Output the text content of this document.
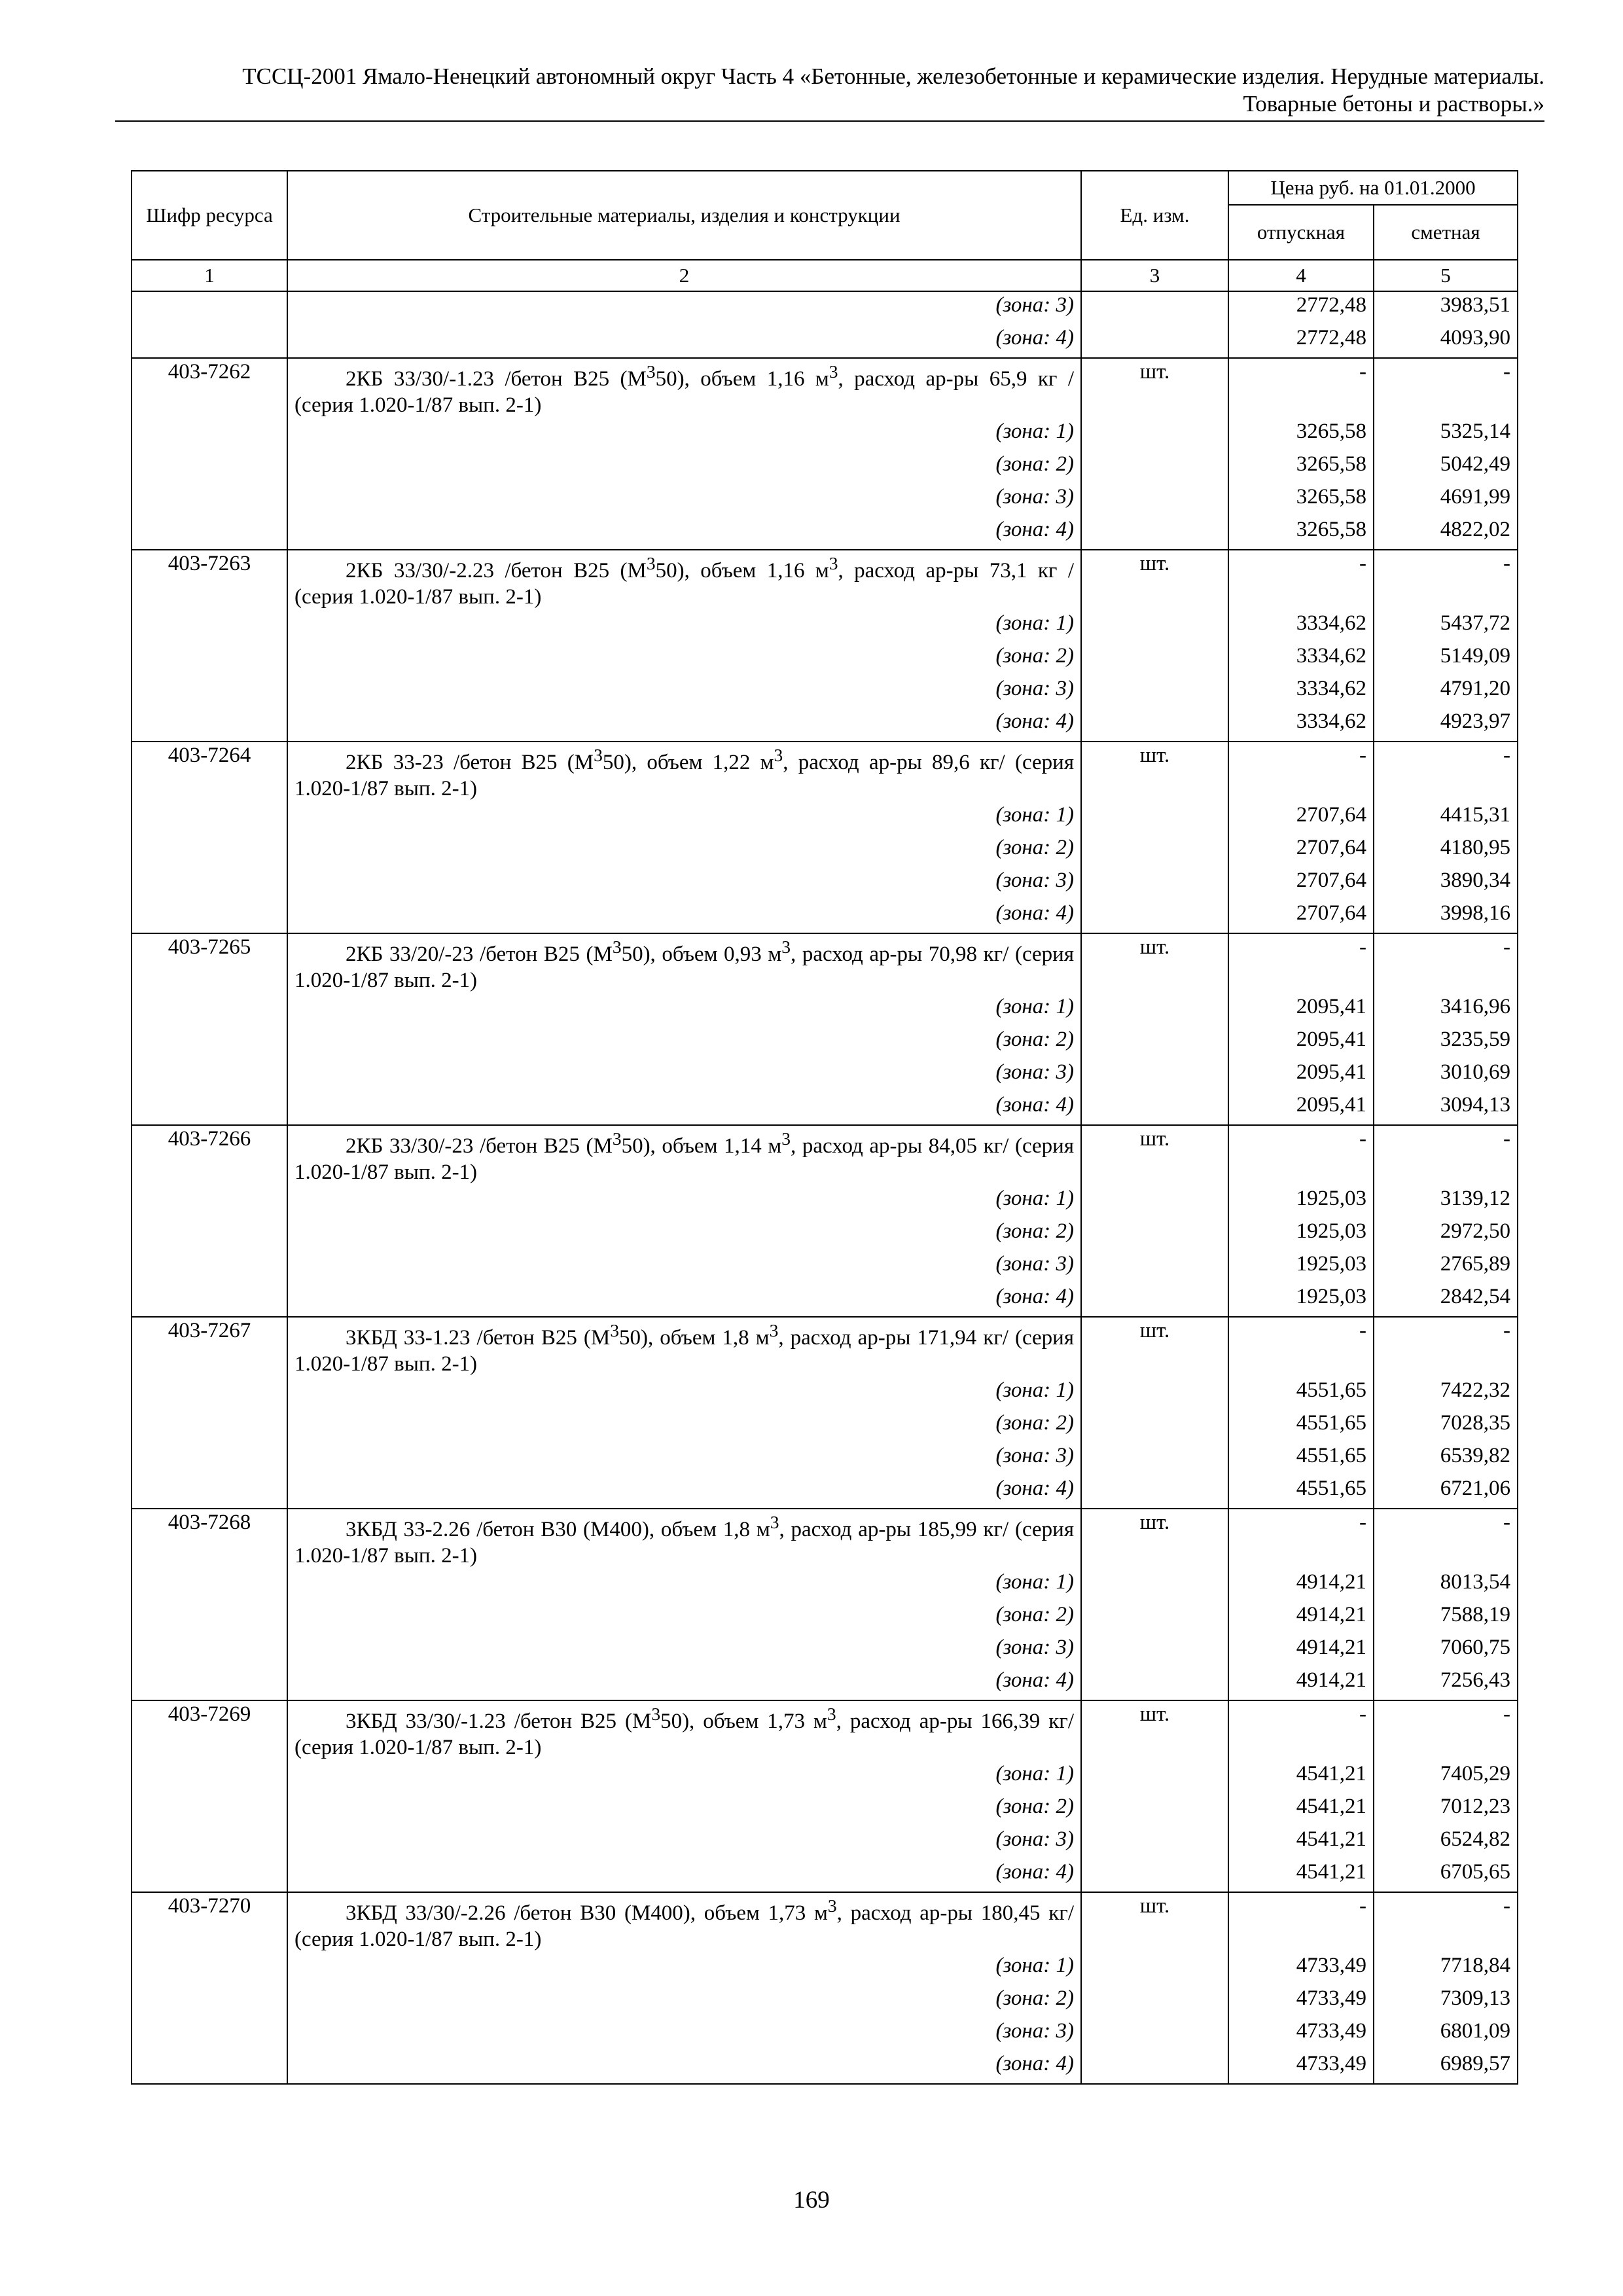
ТССЦ-2001 Ямало-Ненецкий автономный округ Часть 4 «Бетонные, железобетонные и керамические изделия. Нерудные материалы.
Товарные бетоны и растворы.»
Шифр ресурса	Строительные материалы, изделия и конструкции	Ед. изм.	Цена руб. на 01.01.2000	
			отпускная	сметная
1	2	3	4	5
	(зона: 3)		2772,48	3983,51
	(зона: 4)		2772,48	4093,90
403-7262	2КБ 33/30/-1.23 /бетон В25 $(М^350)$, объем 1,16 $м^3$, расход ар-ры 65,9 кг / (серия 1.020-1/87 вып. 2-1)	шт.	-	-
	(зона: 1)		3265,58	5325,14
	(зона: 2)		3265,58	5042,49
	(зона: 3)		3265,58	4691,99
	(зона: 4)		3265,58	4822,02
403-7263	2КБ 33/30/-2.23 /бетон В25 $(М^350)$, объем 1,16 $м^3$, расход ар-ры 73,1 кг / (серия 1.020-1/87 вып. 2-1)	шт.	-	-
	(зона: 1)		3334,62	5437,72
	(зона: 2)		3334,62	5149,09
	(зона: 3)		3334,62	4791,20
	(зона: 4)		3334,62	4923,97
403-7264	2КБ 33-23 /бетон В25 $(М^350)$, объем 1,22 $м^3$, расход ар-ры 89,6 кг/ (серия 1.020-1/87 вып. 2-1)	шт.	-	-
	(зона: 1)		2707,64	4415,31
	(зона: 2)		2707,64	4180,95
	(зона: 3)		2707,64	3890,34
	(зона: 4)		2707,64	3998,16
403-7265	2КБ 33/20/-23 /бетон В25 $(М^350)$, объем 0,93 $м^3$, расход ар-ры 70,98 кг/ (серия 1.020-1/87 вып. 2-1)	шт.	-	-
	(зона: 1)		2095,41	3416,96
	(зона: 2)		2095,41	3235,59
	(зона: 3)		2095,41	3010,69
	(зона: 4)		2095,41	3094,13
403-7266	2КБ 33/30/-23 /бетон В25 $(М^350)$, объем 1,14 $м^3$, расход ар-ры 84,05 кг/ (серия 1.020-1/87 вып. 2-1)	шт.	-	-
	(зона: 1)		1925,03	3139,12
	(зона: 2)		1925,03	2972,50
	(зона: 3)		1925,03	2765,89
	(зона: 4)		1925,03	2842,54
403-7267	3КБД 33-1.23 /бетон В25 $(М^350)$, объем 1,8 $м^3$, расход ар-ры 171,94 кг/ (серия 1.020-1/87 вып. 2-1)	шт.	-	-
	(зона: 1)		4551,65	7422,32
	(зона: 2)		4551,65	7028,35
	(зона: 3)		4551,65	6539,82
	(зона: 4)		4551,65	6721,06
403-7268	3КБД 33-2.26 /бетон В30 (М400), объем 1,8 $м^3$, расход ар-ры 185,99 кг/ (серия 1.020-1/87 вып. 2-1)	шт.	-	-
	(зона: 1)		4914,21	8013,54
	(зона: 2)		4914,21	7588,19
	(зона: 3)		4914,21	7060,75
	(зона: 4)		4914,21	7256,43
403-7269	3КБД 33/30/-1.23 /бетон В25 $(М^350)$, объем 1,73 $м^3$, расход ар-ры 166,39 кг/ (серия 1.020-1/87 вып. 2-1)	шт.	-	-
	(зона: 1)		4541,21	7405,29
	(зона: 2)		4541,21	7012,23
	(зона: 3)		4541,21	6524,82
	(зона: 4)		4541,21	6705,65
403-7270	3КБД 33/30/-2.26 /бетон В30 (М400), объем 1,73 $м^3$, расход ар-ры 180,45 кг/ (серия 1.020-1/87 вып. 2-1)	шт.	-	-
	(зона: 1)		4733,49	7718,84
	(зона: 2)		4733,49	7309,13
	(зона: 3)		4733,49	6801,09
	(зона: 4)		4733,49	6989,57
169
